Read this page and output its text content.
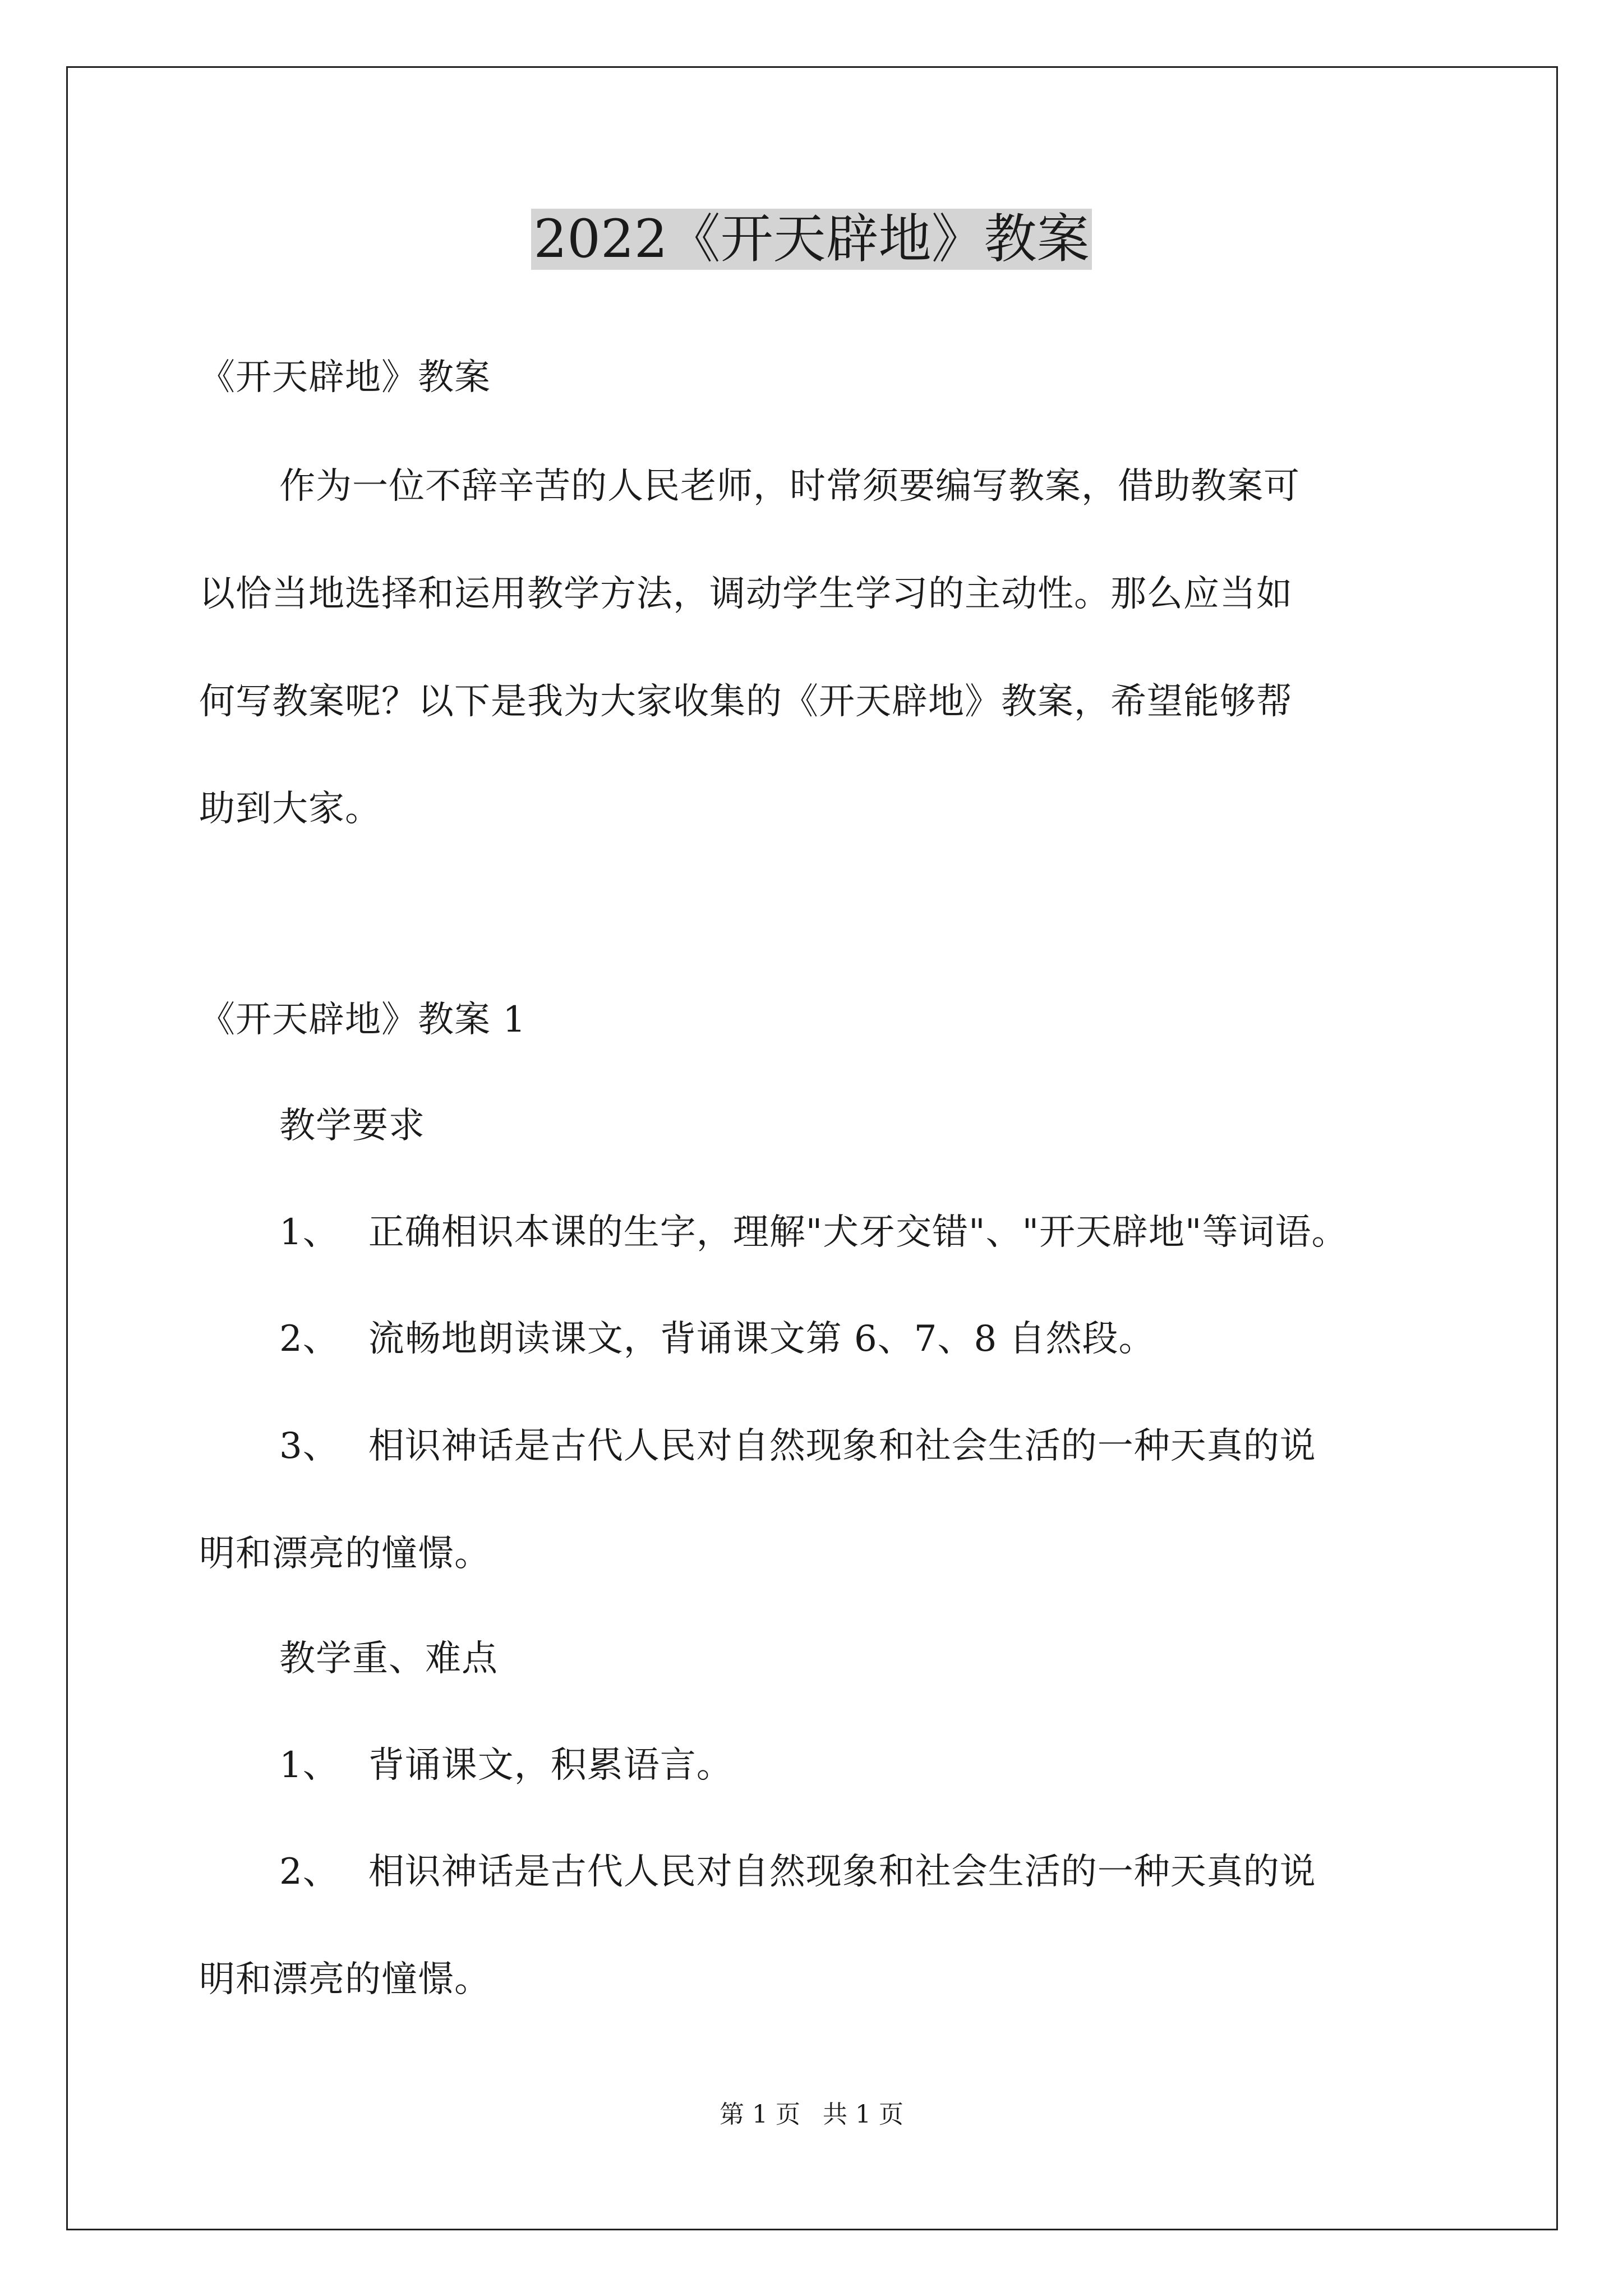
2022《开天辟地》教案
《开天辟地》教案
作为一位不辞辛苦的人民老师，时常须要编写教案，借助教案可
以恰当地选择和运用教学方法，调动学生学习的主动性。那么应当如
何写教案呢？以下是我为大家收集的《开天辟地》教案，希望能够帮
助到大家。
《开天辟地》教案 1
教学要求
1、 正确相识本课的生字，理解"犬牙交错"、"开天辟地"等词语。
2、 流畅地朗读课文，背诵课文第 6、7、8 自然段。
3、 相识神话是古代人民对自然现象和社会生活的一种天真的说
明和漂亮的憧憬。
教学重、难点
1、 背诵课文，积累语言。
2、 相识神话是古代人民对自然现象和社会生活的一种天真的说
明和漂亮的憧憬。
第 1 页 共 1 页
